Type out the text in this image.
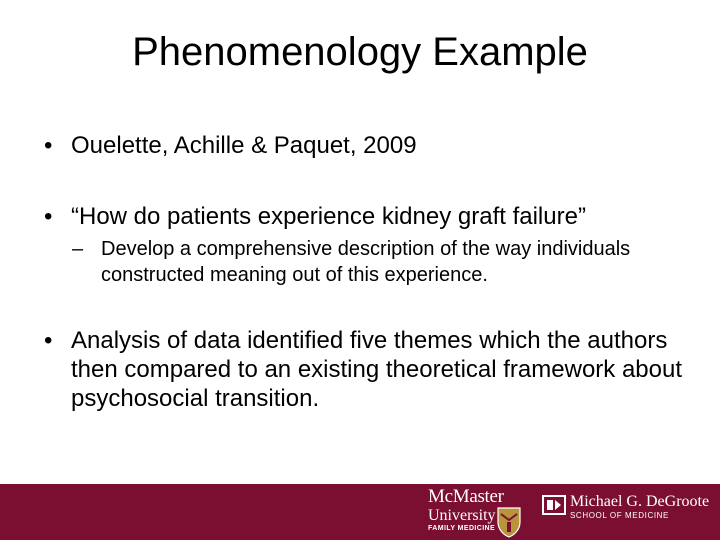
Phenomenology Example
• Ouelette, Achille & Paquet, 2009
• “How do patients experience kidney graft failure”
– Develop a comprehensive description of the way individuals constructed meaning out of this experience.
• Analysis of data identified five themes which the authors then compared to an existing theoretical framework about psychosocial transition.
McMaster
University
FAMILY MEDICINE
Michael G. DeGroote
SCHOOL OF MEDICINE
